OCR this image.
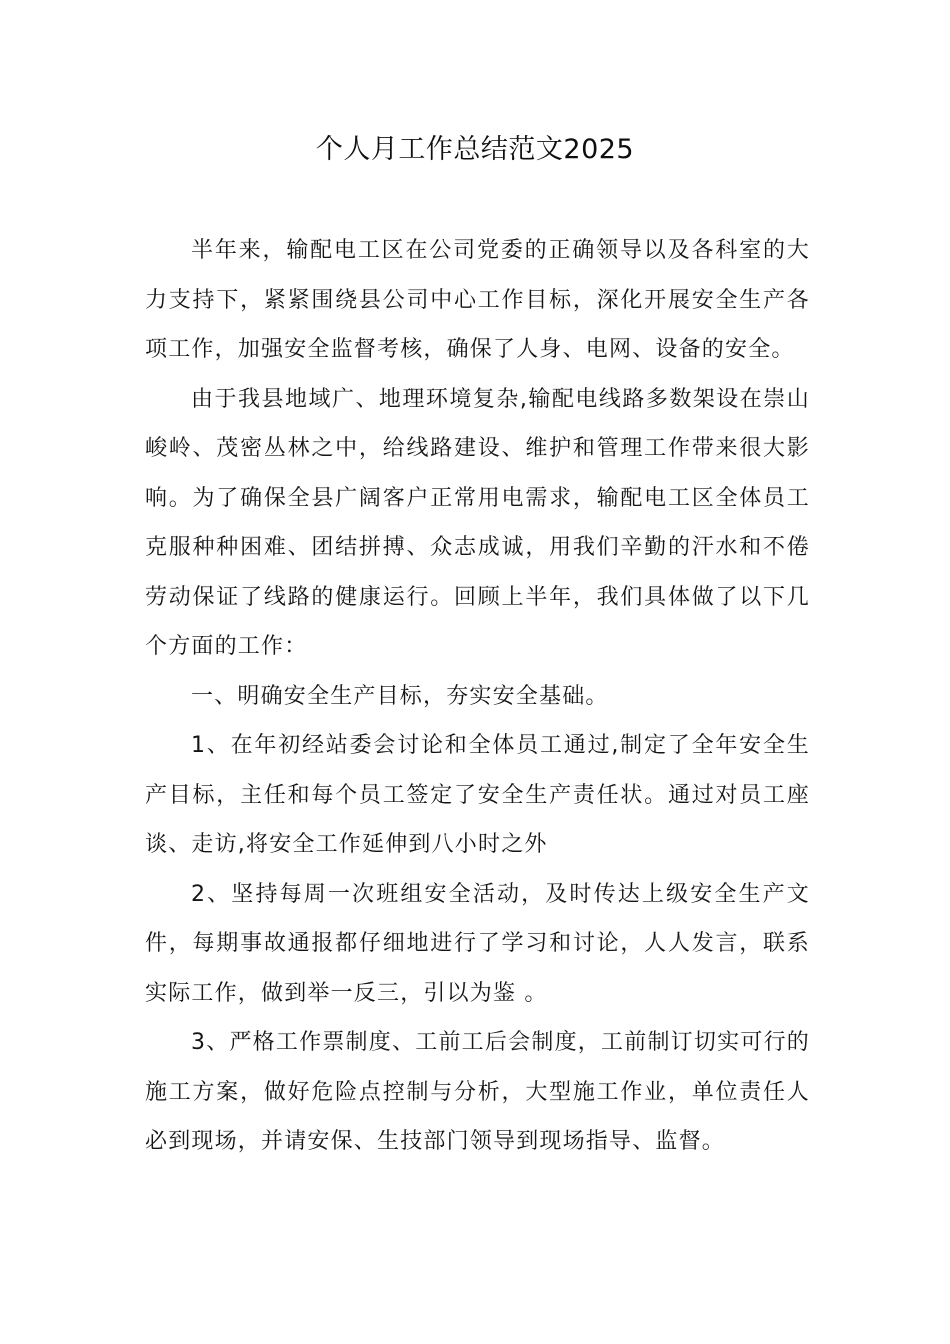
个人月工作总结范文2025

半年来，输配电工区在公司党委的正确领导以及各科室的大力支持下，紧紧围绕县公司中心工作目标，深化开展安全生产各项工作，加强安全监督考核，确保了人身、电网、设备的安全。

由于我县地域广、地理环境复杂,输配电线路多数架设在崇山峻岭、茂密丛林之中，给线路建设、维护和管理工作带来很大影响。为了确保全县广阔客户正常用电需求，输配电工区全体员工克服种种困难、团结拼搏、众志成诚，用我们辛勤的汗水和不倦劳动保证了线路的健康运行。回顾上半年，我们具体做了以下几个方面的工作：

一、明确安全生产目标，夯实安全基础。

1、在年初经站委会讨论和全体员工通过,制定了全年安全生产目标，主任和每个员工签定了安全生产责任状。通过对员工座谈、走访,将安全工作延伸到八小时之外

2、坚持每周一次班组安全活动，及时传达上级安全生产文件，每期事故通报都仔细地进行了学习和讨论，人人发言，联系实际工作，做到举一反三，引以为鉴 。

3、严格工作票制度、工前工后会制度，工前制订切实可行的施工方案，做好危险点控制与分析，大型施工作业，单位责任人必到现场，并请安保、生技部门领导到现场指导、监督。
